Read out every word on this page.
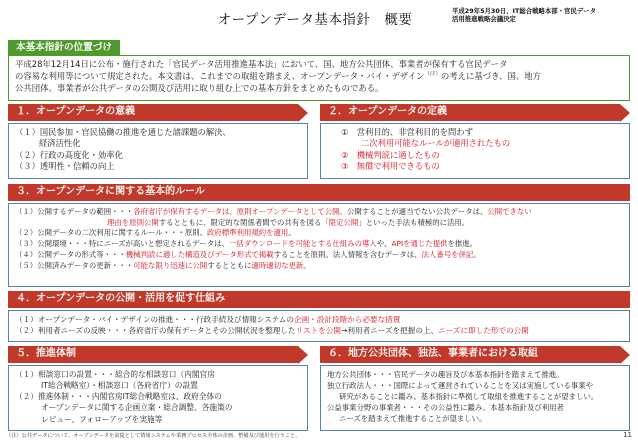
オープンデータ基本指針　概要
平成29年5月30日、IT総合戦略本部・官民データ
活用推進戦略会議決定
本基本指針の位置づけ
平成28年12月14日に公布・施行された「官民データ活用推進基本法」において、国、地方公共団体、事業者が保有する官民データ
の容易な利用等について規定された。本文書は、これまでの取組を踏まえ、オープンデータ・バイ・デザイン$^{(注)}$の考えに基づき、国、地方
公共団体、事業者が公共データの公開及び活用に取り組む上での基本方針をまとめたものである。
１．オープンデータの意義
（１）国民参加・官民協働の推進を通じた諸課題の解決、
経済活性化
（２）行政の高度化・効率化
（３）透明性・信頼の向上
２．オープンデータの定義
①　営利目的、非営利目的を問わず
二次利用可能なルールが適用されたもの
②　機械判読に適したもの
③　無償で利用できるもの
３．オープンデータに関する基本的ルール
（１）公開するデータの範囲・・・各府省庁が保有するデータは、原則オープンデータとして公開。公開することが適当でない公共データは、公開できない
理由を原則公開するとともに、限定的な関係者間での共有を図る「限定公開」といった手法も積極的に活用。
（２）公開データの二次利用に関するルール・・・原則、政府標準利用規約を適用。
（３）公開環境・・・特にニーズが高いと想定されるデータは、一括ダウンロードを可能とする仕組みの導入や、APIを通じた提供を推進。
（４）公開データの形式等・・・機械判読に適した構造及びデータ形式で掲載することを原則。法人情報を含むデータは、法人番号を併記。
（５）公開済みデータの更新・・・可能な限り迅速に公開するとともに適時適切な更新。
４．オープンデータの公開・活用を促す仕組み
（１）オープンデータ・バイ・デザインの推進・・・行政手続及び情報システムの企画・設計段階から必要な措置
（２）利用者ニーズの反映・・・各府省庁の保有データとその公開状況を整理したリストを公開→利用者ニーズを把握の上、ニーズに即した形での公開
５．推進体制
（１）相談窓口の設置・・・総合的な相談窓口（内閣官房
IT総合戦略室）・相談窓口（各府省庁）の設置
（２）推進体制・・・内閣官房IT総合戦略室は、政府全体の
オープンデータに関する企画立案・総合調整、各施策の
レビュー、フォローアップを実施等
６．地方公共団体、独法、事業者における取組
地方公共団体・・・官民データの趣旨及び本基本指針を踏まえて推進。
独立行政法人・・・国際によって運営されていることを又は実施している事業や
研究があることに鑑み、基本指針に準拠して取組を推進することが望ましい。
公益事業分野の事業者・・・その公益性に鑑み、本基本指針及び利用者
ニーズを踏まえて推進することが望ましい。
（注）公共データについて、オープンデータを前提として情報システムや業務プロセス全体の企画、整備及び運用を行うこと。	11
